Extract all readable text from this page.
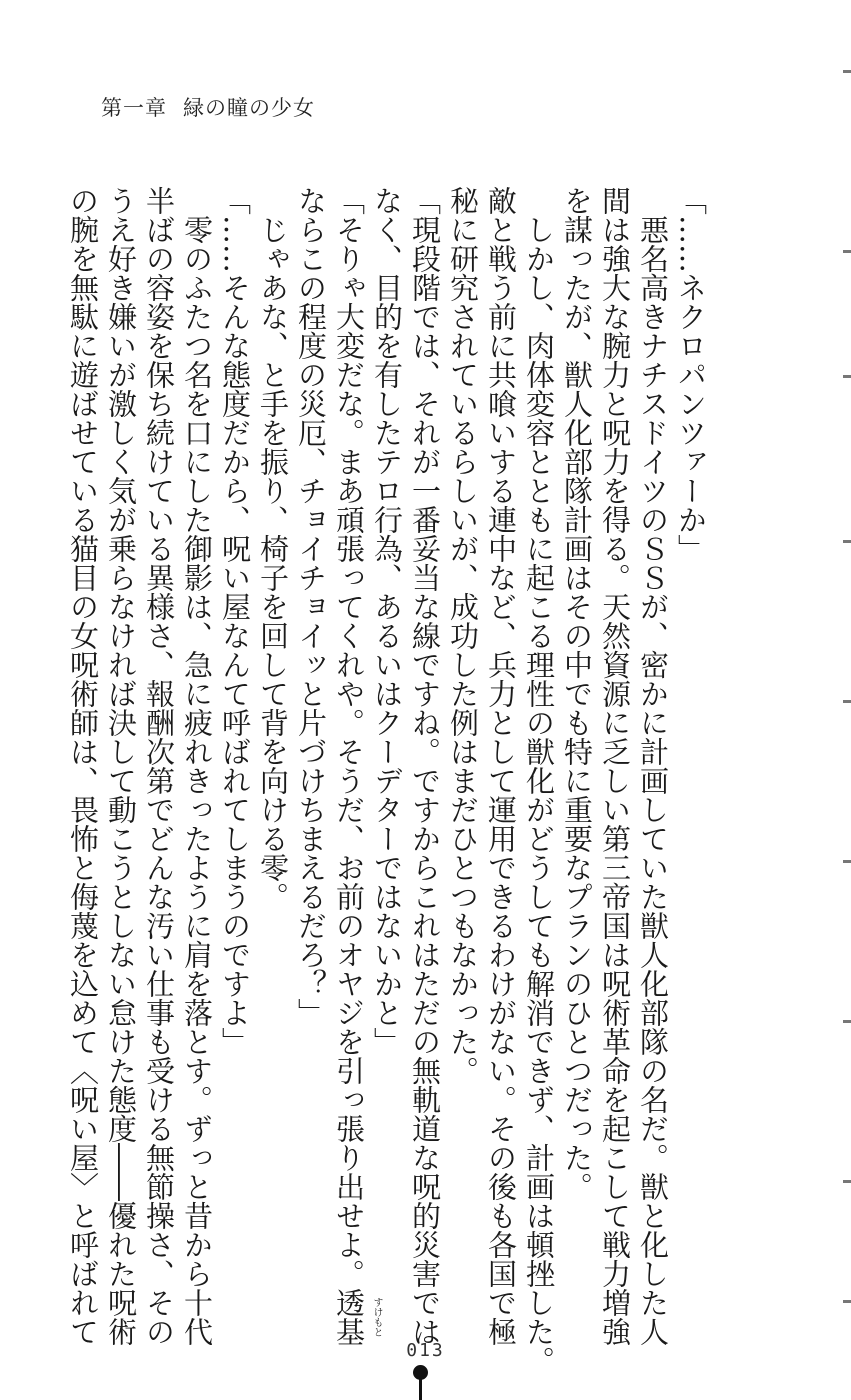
第一章 緑の瞳の少女

「……ネクロパンツァーか」

　悪名高きナチスドイツのＳＳが、密かに計画していた獣人化部隊の名だ。獣と化した人

間は強大な腕力と呪力を得る。天然資源に乏しい第三帝国は呪術革命を起こして戦力増強

を謀ったが、獣人化部隊計画はその中でも特に重要なプランのひとつだった。

　しかし、肉体変容とともに起こる理性の獣化がどうしても解消できず、計画は頓挫した。

敵と戦う前に共喰いする連中など、兵力として運用できるわけがない。その後も各国で極

秘に研究されているらしいが、成功した例はまだひとつもなかった。

「現段階では、それが一番妥当な線ですね。ですからこれはただの無軌道な呪的災害では

なく、目的を有したテロ行為、あるいはクーデターではないかと」

「そりゃ大変だな。まあ頑張ってくれや。そうだ、お前のオヤジを引っ張り出せよ。透基 すけもと

ならこの程度の災厄、チョイチョイッと片づけちまえるだろ？」

　じゃあな、と手を振り、椅子を回して背を向ける零。

「……そんな態度だから、呪い屋なんて呼ばれてしまうのですよ」

　零のふたつ名を口にした御影は、急に疲れきったように肩を落とす。ずっと昔から十代

半ばの容姿を保ち続けている異様さ、報酬次第でどんな汚い仕事も受ける無節操さ、その

うえ好き嫌いが激しく気が乗らなければ決して動こうとしない怠けた態度――優れた呪術

の腕を無駄に遊ばせている猫目の女呪術師は、畏怖と侮蔑を込めて〈呪い屋〉と呼ばれて

013
